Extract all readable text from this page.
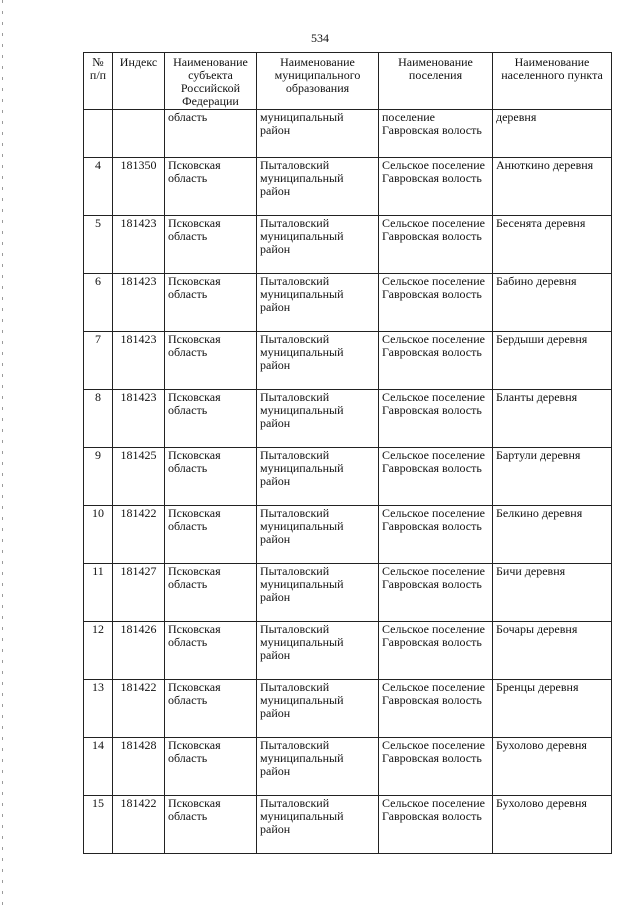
534
№ п/п	Индекс	Наименование субъекта Российской Федерации	Наименование муниципального образования	Наименование поселения	Наименование населенного пункта
		область	муниципальный район	поселение Гавровская волость	деревня
4	181350	Псковская область	Пыталовский муниципальный район	Сельское поселение Гавровская волость	Анюткино деревня
5	181423	Псковская область	Пыталовский муниципальный район	Сельское поселение Гавровская волость	Бесенята деревня
6	181423	Псковская область	Пыталовский муниципальный район	Сельское поселение Гавровская волость	Бабино деревня
7	181423	Псковская область	Пыталовский муниципальный район	Сельское поселение Гавровская волость	Бердыши деревня
8	181423	Псковская область	Пыталовский муниципальный район	Сельское поселение Гавровская волость	Бланты деревня
9	181425	Псковская область	Пыталовский муниципальный район	Сельское поселение Гавровская волость	Бартули деревня
10	181422	Псковская область	Пыталовский муниципальный район	Сельское поселение Гавровская волость	Белкино деревня
11	181427	Псковская область	Пыталовский муниципальный район	Сельское поселение Гавровская волость	Бичи деревня
12	181426	Псковская область	Пыталовский муниципальный район	Сельское поселение Гавровская волость	Бочары деревня
13	181422	Псковская область	Пыталовский муниципальный район	Сельское поселение Гавровская волость	Бренцы деревня
14	181428	Псковская область	Пыталовский муниципальный район	Сельское поселение Гавровская волость	Бухолово деревня
15	181422	Псковская область	Пыталовский муниципальный район	Сельское поселение Гавровская волость	Бухолово деревня
